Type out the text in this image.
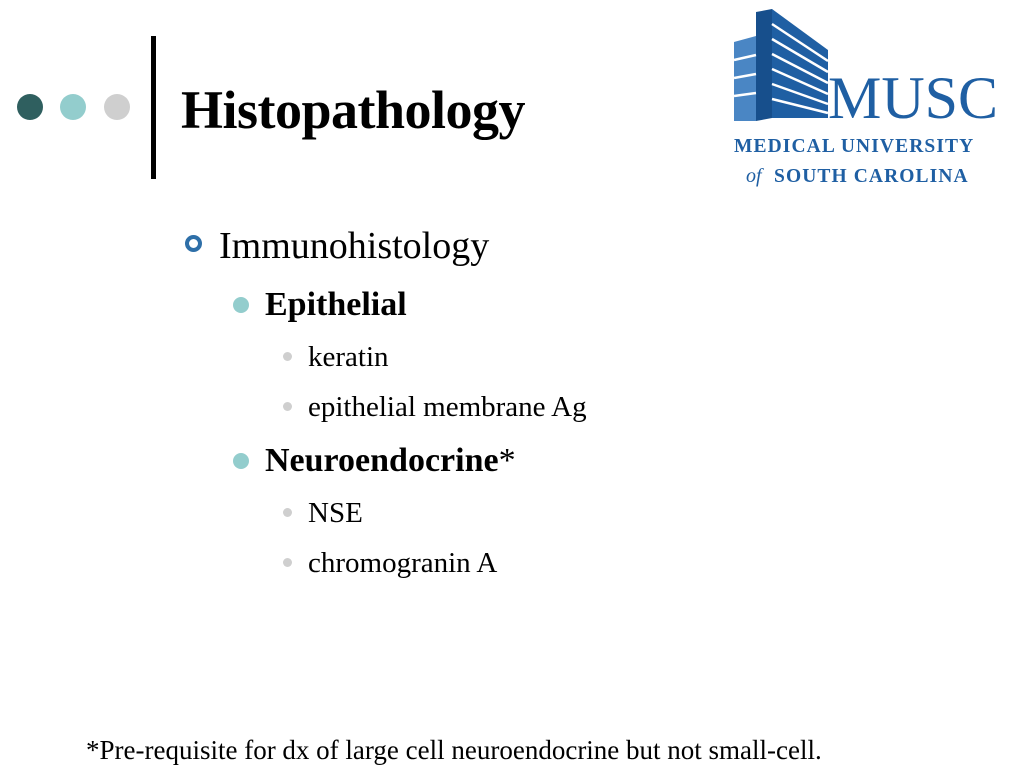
Histopathology	MUSC
MEDICAL UNIVERSITY
of SOUTH CAROLINA
Immunohistology
Epithelial
keratin
epithelial membrane Ag
Neuroendocrine*
NSE
chromogranin A
*Pre-requisite for dx of large cell neuroendocrine but not small-cell.
